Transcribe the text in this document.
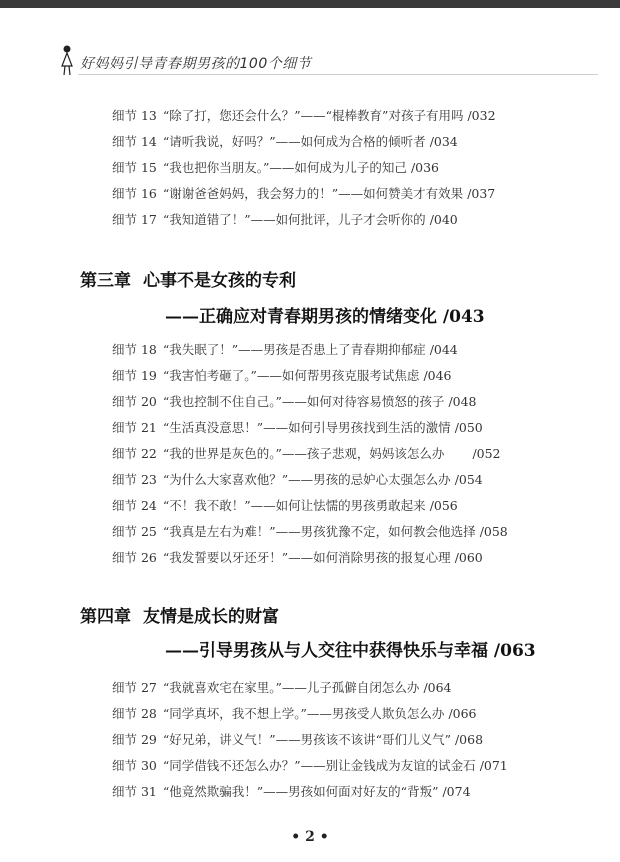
好妈妈引导青春期男孩的100个细节
细节 13 “除了打，您还会什么？”——“棍棒教育”对孩子有用吗 /032
细节 14 “请听我说，好吗？”——如何成为合格的倾听者 /034
细节 15 “我也把你当朋友。”——如何成为儿子的知己 /036
细节 16 “谢谢爸爸妈妈，我会努力的！”——如何赞美才有效果 /037
细节 17 “我知道错了！”——如何批评，儿子才会听你的 /040
第三章 心事不是女孩的专利
——正确应对青春期男孩的情绪变化 /043
细节 18 “我失眠了！”——男孩是否患上了青春期抑郁症 /044
细节 19 “我害怕考砸了。”——如何帮男孩克服考试焦虑 /046
细节 20 “我也控制不住自己。”——如何对待容易愤怒的孩子 /048
细节 21 “生活真没意思！”——如何引导男孩找到生活的激情 /050
细节 22 “我的世界是灰色的。”——孩子悲观，妈妈该怎么办 /052
细节 23 “为什么大家喜欢他？”——男孩的忌妒心太强怎么办 /054
细节 24 “不！我不敢！”——如何让怯懦的男孩勇敢起来 /056
细节 25 “我真是左右为难！”——男孩犹豫不定，如何教会他选择 /058
细节 26 “我发誓要以牙还牙！”——如何消除男孩的报复心理 /060
第四章 友情是成长的财富
——引导男孩从与人交往中获得快乐与幸福 /063
细节 27 “我就喜欢宅在家里。”——儿子孤僻自闭怎么办 /064
细节 28 “同学真坏，我不想上学。”——男孩受人欺负怎么办 /066
细节 29 “好兄弟，讲义气！”——男孩该不该讲“哥们儿义气” /068
细节 30 “同学借钱不还怎么办？”——别让金钱成为友谊的试金石 /071
细节 31 “他竟然欺骗我！”——男孩如何面对好友的“背叛” /074
• 2 •
